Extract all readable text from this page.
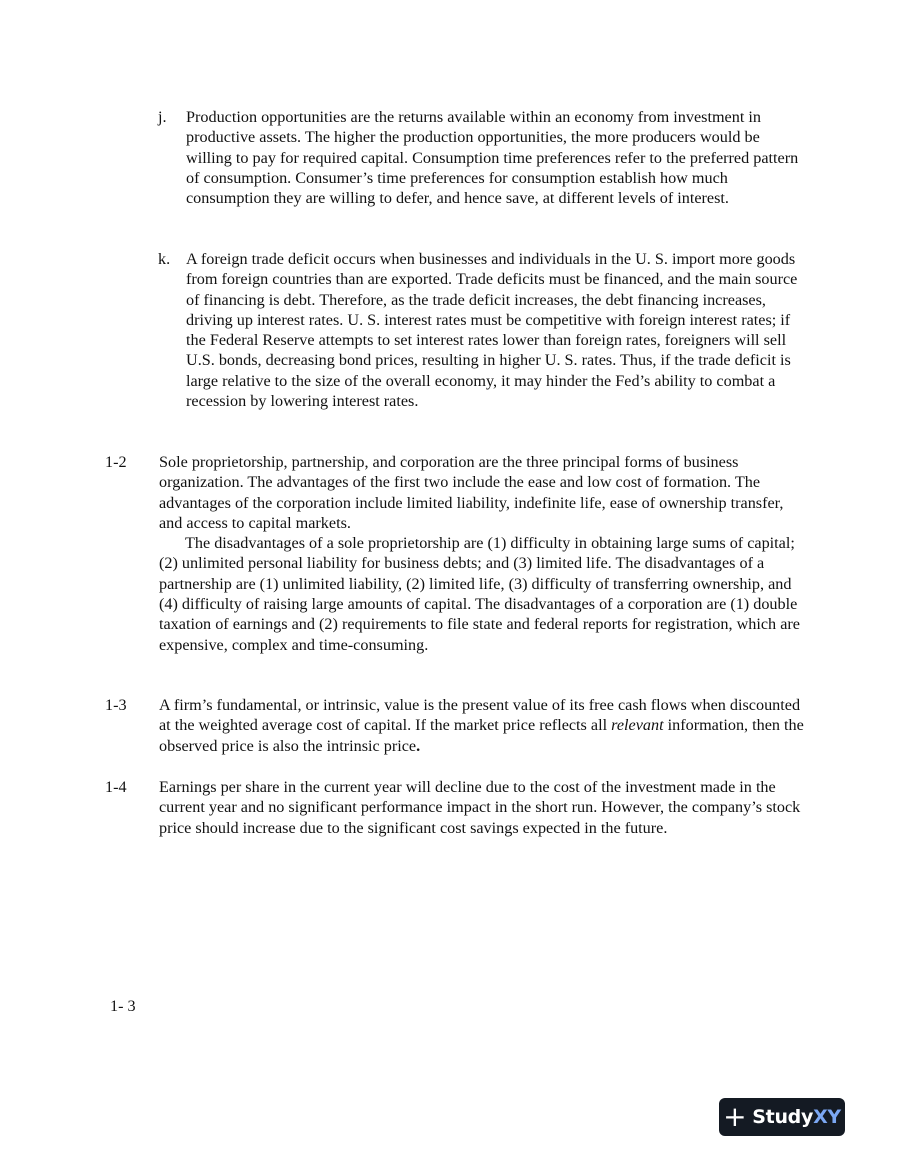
j.	Production opportunities are the returns available within an economy from investment in productive assets. The higher the production opportunities, the more producers would be willing to pay for required capital. Consumption time preferences refer to the preferred pattern of consumption. Consumer’s time preferences for consumption establish how much consumption they are willing to defer, and hence save, at different levels of interest.
k. A foreign trade deficit occurs when businesses and individuals in the U. S. import more goods from foreign countries than are exported. Trade deficits must be financed, and the main source of financing is debt. Therefore, as the trade deficit increases, the debt financing increases, driving up interest rates. U. S. interest rates must be competitive with foreign interest rates; if the Federal Reserve attempts to set interest rates lower than foreign rates, foreigners will sell U.S. bonds, decreasing bond prices, resulting in higher U. S. rates. Thus, if the trade deficit is large relative to the size of the overall economy, it may hinder the Fed’s ability to combat a recession by lowering interest rates.
1-2	Sole proprietorship, partnership, and corporation are the three principal forms of business organization. The advantages of the first two include the ease and low cost of formation. The advantages of the corporation include limited liability, indefinite life, ease of ownership transfer, and access to capital markets.
The disadvantages of a sole proprietorship are (1) difficulty in obtaining large sums of capital; (2) unlimited personal liability for business debts; and (3) limited life. The disadvantages of a partnership are (1) unlimited liability, (2) limited life, (3) difficulty of transferring ownership, and (4) difficulty of raising large amounts of capital. The disadvantages of a corporation are (1) double taxation of earnings and (2) requirements to file state and federal reports for registration, which are expensive, complex and time-consuming.
1-3	A firm’s fundamental, or intrinsic, value is the present value of its free cash flows when discounted at the weighted average cost of capital. If the market price reflects all relevant information, then the observed price is also the intrinsic price.
1-4	Earnings per share in the current year will decline due to the cost of the investment made in the current year and no significant performance impact in the short run. However, the company’s stock price should increase due to the significant cost savings expected in the future.
1- 3
+ Study XY
